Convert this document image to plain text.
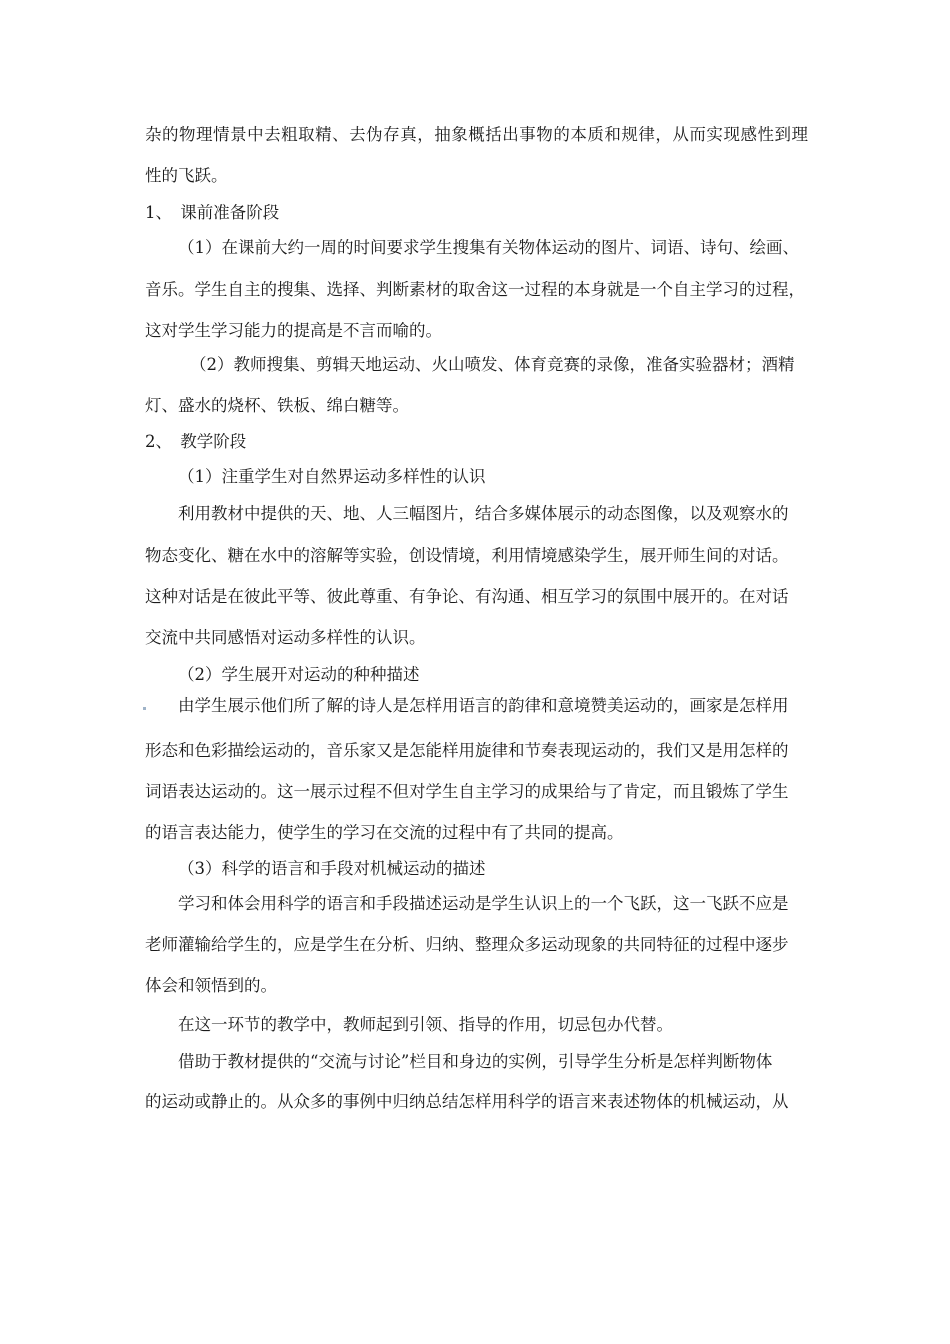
杂的物理情景中去粗取精、去伪存真，抽象概括出事物的本质和规律，从而实现感性到理

性的飞跃。

1、　课前准备阶段

（1）在课前大约一周的时间要求学生搜集有关物体运动的图片、词语、诗句、绘画、

音乐。学生自主的搜集、选择、判断素材的取舍这一过程的本身就是一个自主学习的过程，

这对学生学习能力的提高是不言而喻的。

（2）教师搜集、剪辑天地运动、火山喷发、体育竞赛的录像，准备实验器材；酒精

灯、盛水的烧杯、铁板、绵白糖等。

2、　教学阶段

（1）注重学生对自然界运动多样性的认识

利用教材中提供的天、地、人三幅图片，结合多媒体展示的动态图像，以及观察水的

物态变化、糖在水中的溶解等实验，创设情境，利用情境感染学生，展开师生间的对话。

这种对话是在彼此平等、彼此尊重、有争论、有沟通、相互学习的氛围中展开的。在对话

交流中共同感悟对运动多样性的认识。

（2）学生展开对运动的种种描述

由学生展示他们所了解的诗人是怎样用语言的韵律和意境赞美运动的，画家是怎样用

形态和色彩描绘运动的，音乐家又是怎能样用旋律和节奏表现运动的，我们又是用怎样的

词语表达运动的。这一展示过程不但对学生自主学习的成果给与了肯定，而且锻炼了学生

的语言表达能力，使学生的学习在交流的过程中有了共同的提高。

（3）科学的语言和手段对机械运动的描述

学习和体会用科学的语言和手段描述运动是学生认识上的一个飞跃，这一飞跃不应是

老师灌输给学生的，应是学生在分析、归纳、整理众多运动现象的共同特征的过程中逐步

体会和领悟到的。

在这一环节的教学中，教师起到引领、指导的作用，切忌包办代替。

借助于教材提供的“交流与讨论”栏目和身边的实例，引导学生分析是怎样判断物体

的运动或静止的。从众多的事例中归纳总结怎样用科学的语言来表述物体的机械运动，从
